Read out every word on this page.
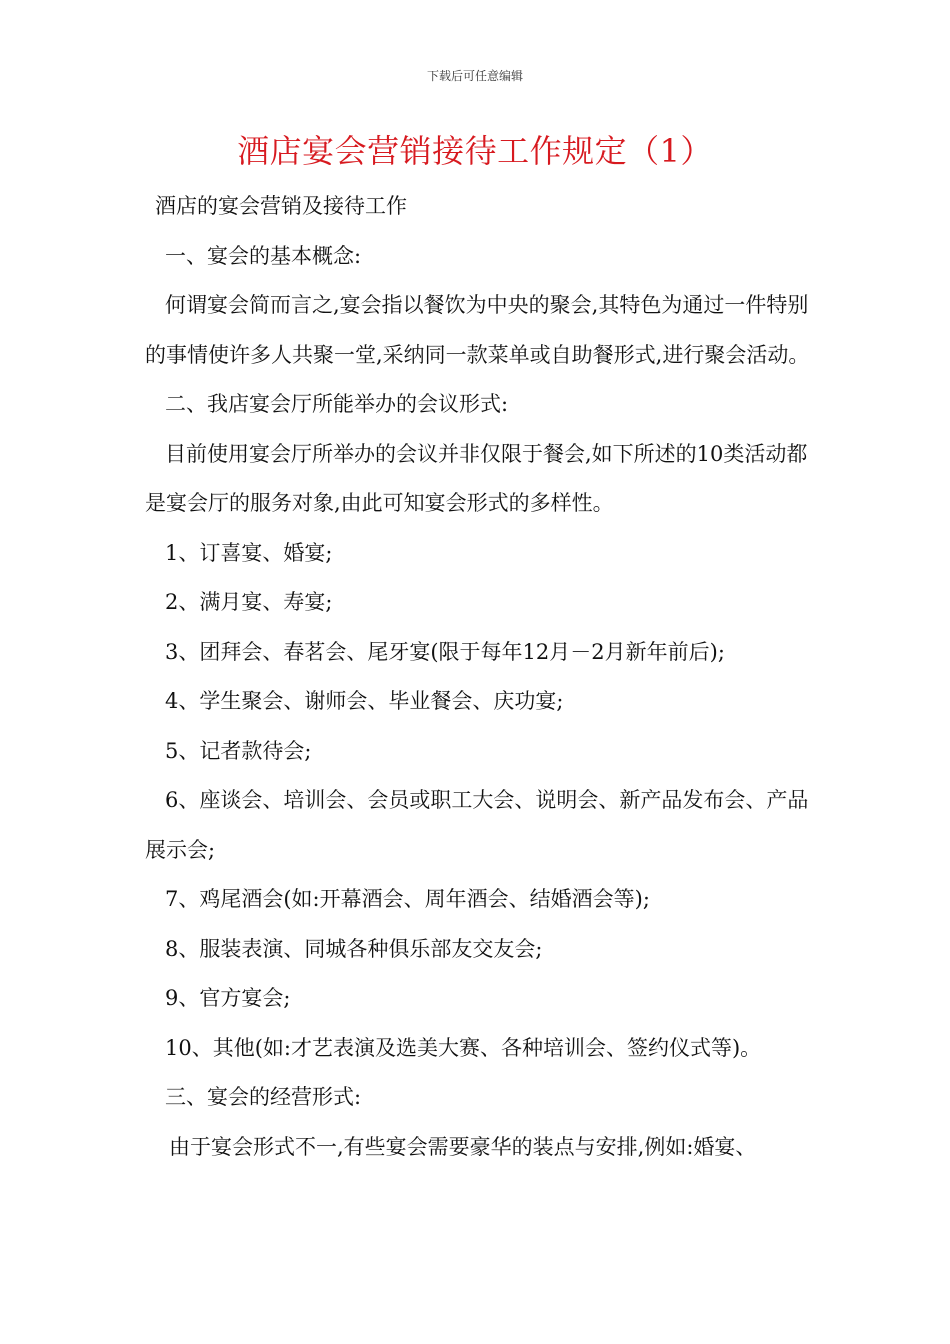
下载后可任意编辑
酒店宴会营销接待工作规定（1）

酒店的宴会营销及接待工作

一、宴会的基本概念:

何谓宴会简而言之,宴会指以餐饮为中央的聚会,其特色为通过一件特别的事情使许多人共聚一堂,采纳同一款菜单或自助餐形式,进行聚会活动。

二、我店宴会厅所能举办的会议形式:

目前使用宴会厅所举办的会议并非仅限于餐会,如下所述的10类活动都是宴会厅的服务对象,由此可知宴会形式的多样性。

1、订喜宴、婚宴;

2、满月宴、寿宴;

3、团拜会、春茗会、尾牙宴(限于每年12月－2月新年前后);

4、学生聚会、谢师会、毕业餐会、庆功宴;

5、记者款待会;

6、座谈会、培训会、会员或职工大会、说明会、新产品发布会、产品展示会;

7、鸡尾酒会(如:开幕酒会、周年酒会、结婚酒会等);

8、服装表演、同城各种俱乐部友交友会;

9、官方宴会;

10、其他(如:才艺表演及选美大赛、各种培训会、签约仪式等)。

三、宴会的经营形式:

由于宴会形式不一,有些宴会需要豪华的装点与安排,例如:婚宴、
